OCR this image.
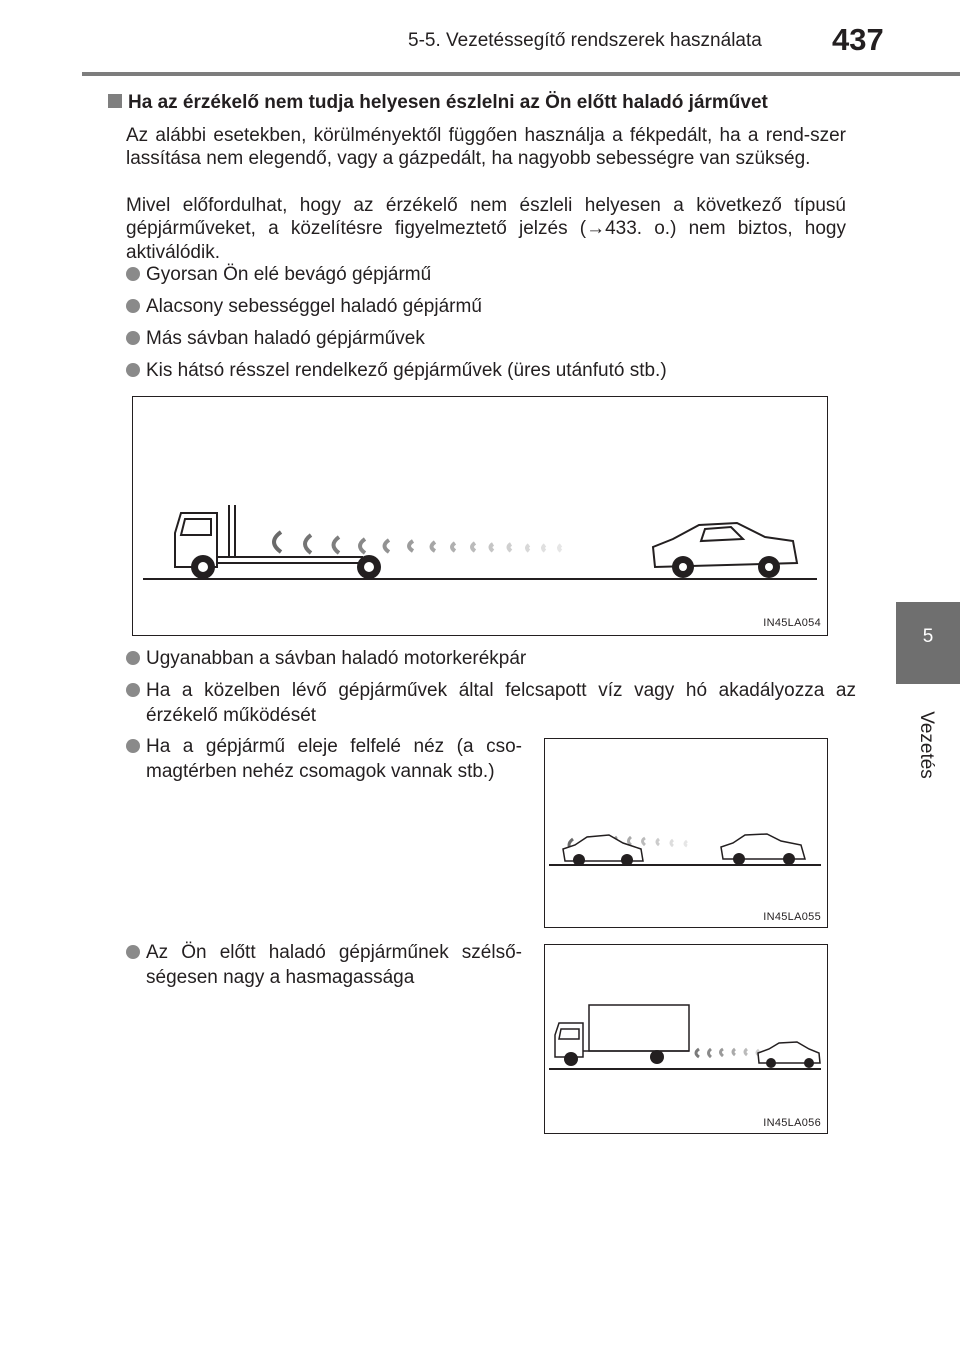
5-5. Vezetéssegítő rendszerek használata 437
5
Vezetés
Ha az érzékelő nem tudja helyesen észlelni az Ön előtt haladó járművet
Az alábbi esetekben, körülményektől függően használja a fékpedált, ha a rend-szer lassítása nem elegendő, vagy a gázpedált, ha nagyobb sebességre van szükség.
Mivel előfordulhat, hogy az érzékelő nem észleli helyesen a következő típusú gépjárműveket, a közelítésre figyelmeztető jelzés (→433. o.) nem biztos, hogy aktiválódik.
Gyorsan Ön elé bevágó gépjármű
Alacsony sebességgel haladó gépjármű
Más sávban haladó gépjárművek
Kis hátsó résszel rendelkező gépjárművek (üres utánfutó stb.)
IN45LA054
Ugyanabban a sávban haladó motorkerékpár
Ha a közelben lévő gépjárművek által felcsapott víz vagy hó akadályozza az érzékelő működését
Ha a gépjármű eleje felfelé néz (a cso-magtérben nehéz csomagok vannak stb.)
IN45LA055
Az Ön előtt haladó gépjárműnek szélső-ségesen nagy a hasmagassága
IN45LA056
